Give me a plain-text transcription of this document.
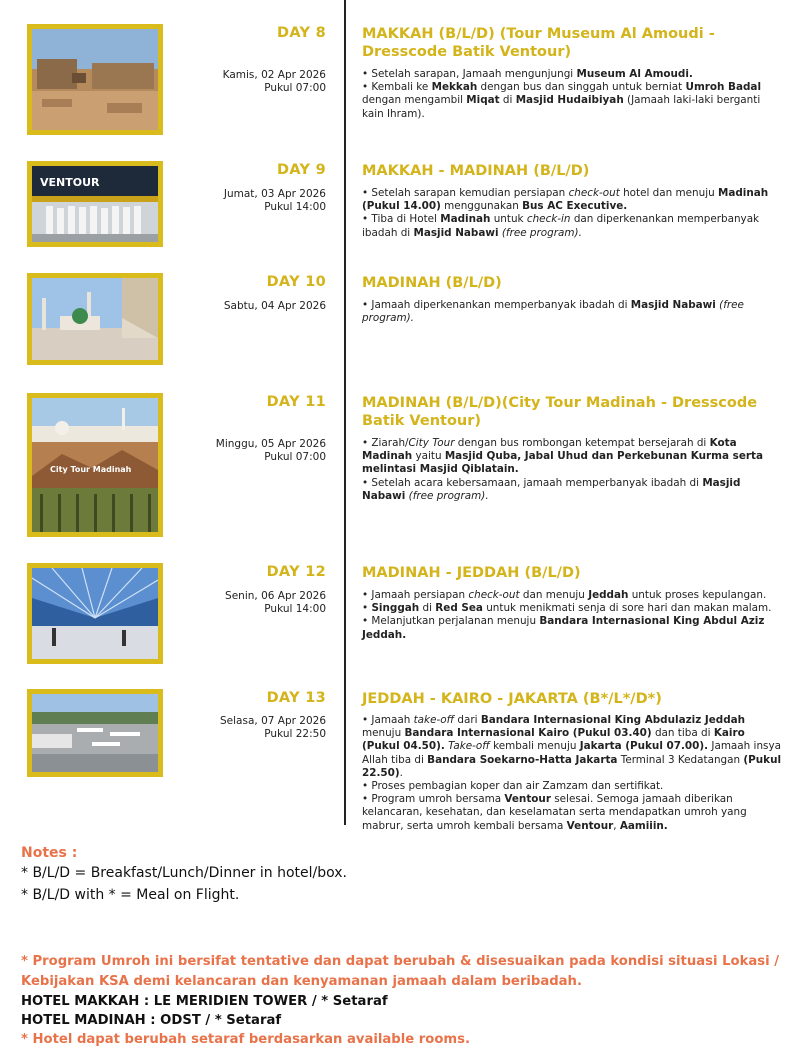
DAY 8
Kamis, 02 Apr 2026
Pukul 07:00
MAKKAH (B/L/D) (Tour Museum Al Amoudi - Dresscode Batik Ventour)

• Setelah sarapan, Jamaah mengunjungi Museum Al Amoudi.

• Kembali ke Mekkah dengan bus dan singgah untuk berniat Umroh Badal dengan mengambil Miqat di Masjid Hudaibiyah (Jamaah laki-laki berganti kain Ihram).

VENTOUR
DAY 9
Jumat, 03 Apr 2026
Pukul 14:00
MAKKAH - MADINAH (B/L/D)

• Setelah sarapan kemudian persiapan check-out hotel dan menuju Madinah (Pukul 14.00) menggunakan Bus AC Executive.

• Tiba di Hotel Madinah untuk check-in dan diperkenankan memperbanyak ibadah di Masjid Nabawi (free program).

DAY 10
Sabtu, 04 Apr 2026
MADINAH (B/L/D)

• Jamaah diperkenankan memperbanyak ibadah di Masjid Nabawi (free program).

City Tour Madinah
DAY 11
Minggu, 05 Apr 2026
Pukul 07:00
MADINAH (B/L/D)(City Tour Madinah - Dresscode Batik Ventour)

• Ziarah/City Tour dengan bus rombongan ketempat bersejarah di Kota Madinah yaitu Masjid Quba, Jabal Uhud dan Perkebunan Kurma serta melintasi Masjid Qiblatain.

• Setelah acara kebersamaan, jamaah memperbanyak ibadah di Masjid Nabawi (free program).

DAY 12
Senin, 06 Apr 2026
Pukul 14:00
MADINAH - JEDDAH (B/L/D)

• Jamaah persiapan check-out dan menuju Jeddah untuk proses kepulangan.

• Singgah di Red Sea untuk menikmati senja di sore hari dan makan malam.

• Melanjutkan perjalanan menuju Bandara Internasional King Abdul Aziz Jeddah.

DAY 13
Selasa, 07 Apr 2026
Pukul 22:50
JEDDAH - KAIRO - JAKARTA (B*/L*/D*)

• Jamaah take-off dari Bandara Internasional King Abdulaziz Jeddah menuju Bandara Internasional Kairo (Pukul 03.40) dan tiba di Kairo (Pukul 04.50). Take-off kembali menuju Jakarta (Pukul 07.00). Jamaah insya Allah tiba di Bandara Soekarno-Hatta Jakarta Terminal 3 Kedatangan (Pukul 22.50).

• Proses pembagian koper dan air Zamzam dan sertifikat.

• Program umroh bersama Ventour selesai. Semoga jamaah diberikan kelancaran, kesehatan, dan keselamatan serta mendapatkan umroh yang mabrur, serta umroh kembali bersama Ventour, Aamiiin.

Notes :
* B/L/D = Breakfast/Lunch/Dinner in hotel/box.
* B/L/D with * = Meal on Flight.
* Program Umroh ini bersifat tentative dan dapat berubah & disesuaikan pada kondisi situasi Lokasi / Kebijakan KSA demi kelancaran dan kenyamanan jamaah dalam beribadah.
HOTEL MAKKAH : LE MERIDIEN TOWER / * Setaraf
HOTEL MADINAH : ODST / * Setaraf
* Hotel dapat berubah setaraf berdasarkan available rooms.
